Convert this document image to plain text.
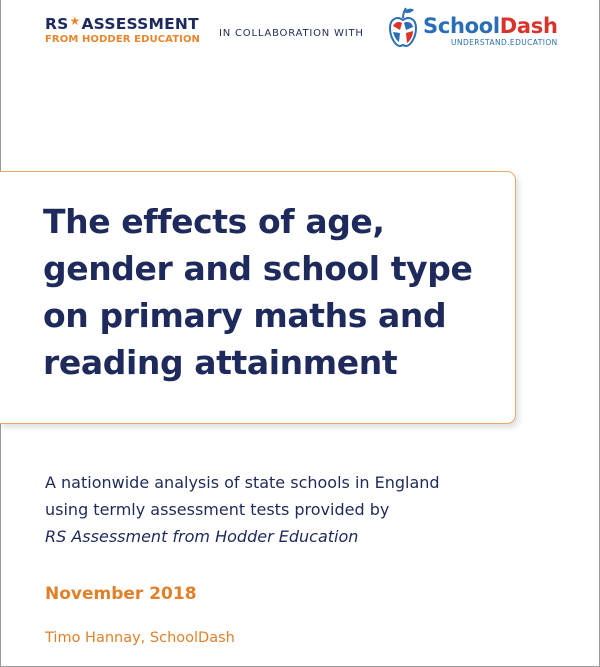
RS ★ ASSESSMENT
FROM HODDER EDUCATION
IN COLLABORATION WITH	SchoolDash
UNDERSTAND.EDUCATION
The effects of age,
gender and school type
on primary maths and
reading attainment
A nationwide analysis of state schools in England
using termly assessment tests provided by
RS Assessment from Hodder Education
November 2018
Timo Hannay, SchoolDash
